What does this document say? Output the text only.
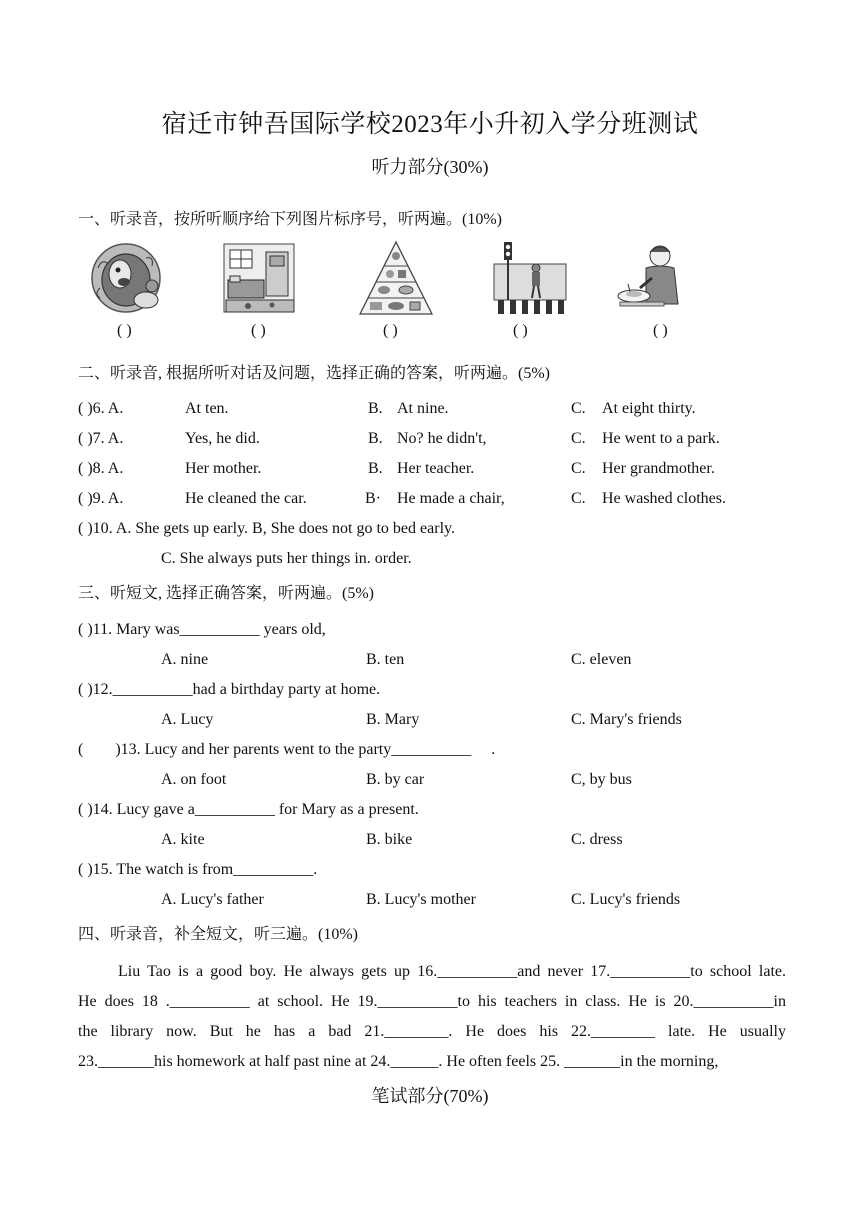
宿迁市钟吾国际学校2023年小升初入学分班测试
听力部分(30%)
一、听录音，按所听顺序给下列图片标序号，听两遍。(10%)
( )	( )	( )	( )	( )
二、听录音, 根据所听对话及问题，选择正确的答案，听两遍。(5%)
( )6. A.	At ten.	B. At nine.	C. At eight thirty.
( )7. A.	Yes, he did.	B. No? he didn't,	C. He went to a park.
( )8. A.	Her mother.	B. Her teacher.	C. Her grandmother.
( )9. A.	He cleaned the car.	B· He made a chair,	C. He washed clothes.
( )10. A. She gets up early. B, She does not go to bed early.
C. She always puts her things in. order.
三、听短文, 选择正确答案，听两遍。(5%)
( )11. Mary was__________ years old,
A. nine	B. ten	C. eleven
( )12.__________had a birthday party at home.
A. Lucy	B. Mary	C. Mary's friends
(        )13. Lucy and her parents went to the party__________     .
A. on foot	B. by car	C, by bus
( )14. Lucy gave a__________ for Mary as a present.
A. kite	B. bike	C. dress
( )15. The watch is from__________.
A. Lucy's father	B. Lucy's mother	C. Lucy's friends
四、听录音，补全短文，听三遍。(10%)
Liu Tao is a good boy. He always gets up 16.__________and never 17.__________to school late.
He does 18 .__________ at school. He 19.__________to his teachers in class. He is 20.__________in
the library now. But he has a bad 21.________. He does his 22.________ late. He usually
23._______his homework at half past nine at 24.______. He often feels 25. _______in the morning,
笔试部分(70%)
